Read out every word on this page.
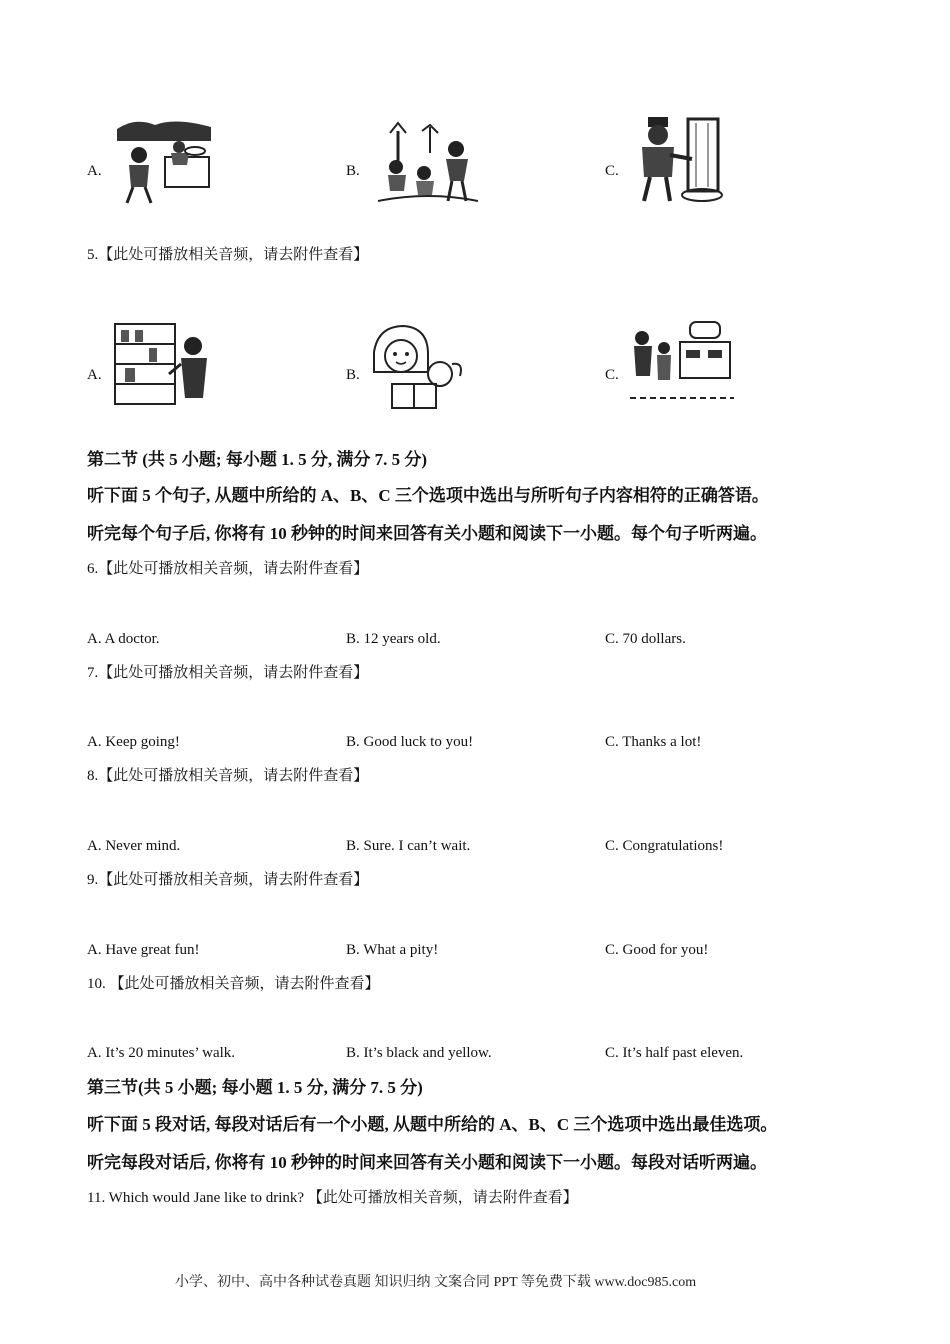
A.	B.	C.
5.【此处可播放相关音频，请去附件查看】
A.	B.	C.
第二节 (共 5 小题; 每小题 1. 5 分, 满分 7. 5 分)
听下面 5 个句子, 从题中所给的 A、B、C 三个选项中选出与所听句子内容相符的正确答语。
听完每个句子后, 你将有 10 秒钟的时间来回答有关小题和阅读下一小题。每个句子听两遍。
6.【此处可播放相关音频，请去附件查看】
A. A doctor.	B. 12 years old.	C. 70 dollars.
7.【此处可播放相关音频，请去附件查看】
A. Keep going!	B. Good luck to you!	C. Thanks a lot!
8.【此处可播放相关音频，请去附件查看】
A. Never mind.	B. Sure. I can’t wait.	C. Congratulations!
9.【此处可播放相关音频，请去附件查看】
A. Have great fun!	B. What a pity!	C. Good for you!
10. 【此处可播放相关音频，请去附件查看】
A. It’s 20 minutes’ walk.	B. It’s black and yellow.	C. It’s half past eleven.
第三节(共 5 小题; 每小题 1. 5 分, 满分 7. 5 分)
听下面 5 段对话, 每段对话后有一个小题, 从题中所给的 A、B、C 三个选项中选出最佳选项。
听完每段对话后, 你将有 10 秒钟的时间来回答有关小题和阅读下一小题。每段对话听两遍。
11. Which would Jane like to drink? 【此处可播放相关音频，请去附件查看】
小学、初中、高中各种试卷真题 知识归纳 文案合同 PPT 等免费下载 www.doc985.com
